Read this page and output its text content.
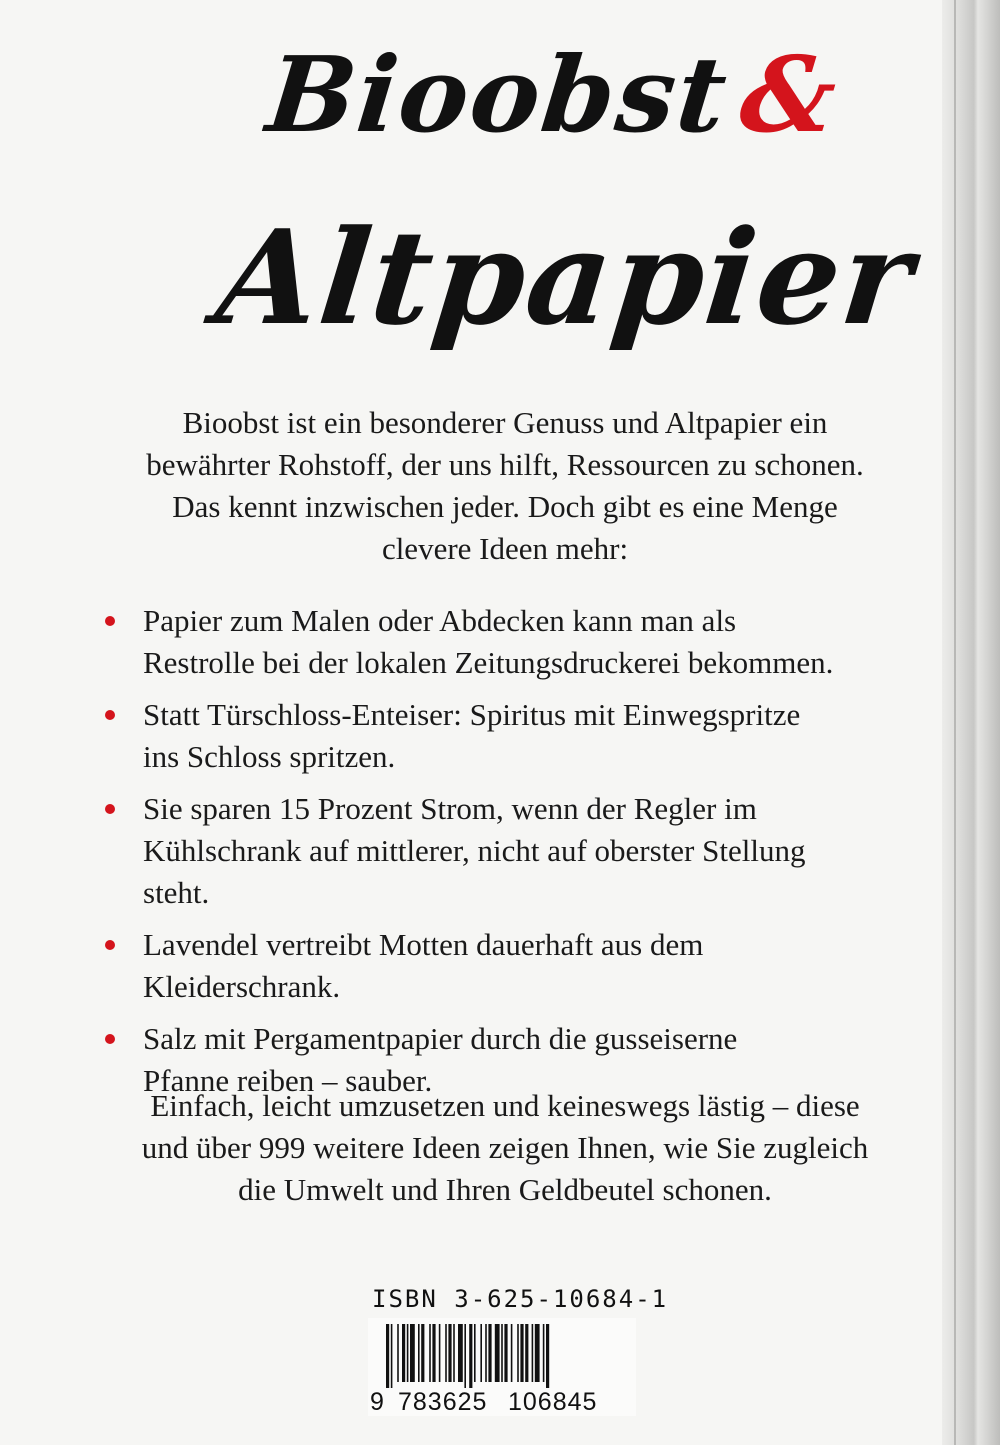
Bioobst&
Altpapier
Bioobst ist ein besonderer Genuss und Altpapier ein
bewährter Rohstoff, der uns hilft, Ressourcen zu schonen.
Das kennt inzwischen jeder. Doch gibt es eine Menge
clevere Ideen mehr:
Papier zum Malen oder Abdecken kann man als
Restrolle bei der lokalen Zeitungsdruckerei bekommen.
Statt Türschloss-Enteiser: Spiritus mit Einwegspritze
ins Schloss spritzen.
Sie sparen 15 Prozent Strom, wenn der Regler im
Kühlschrank auf mittlerer, nicht auf oberster Stellung
steht.
Lavendel vertreibt Motten dauerhaft aus dem
Kleiderschrank.
Salz mit Pergamentpapier durch die gusseiserne
Pfanne reiben – sauber.
Einfach, leicht umzusetzen und keineswegs lästig – diese
und über 999 weitere Ideen zeigen Ihnen, wie Sie zugleich
die Umwelt und Ihren Geldbeutel schonen.
ISBN 3-625-10684-1
9 783625 106845
